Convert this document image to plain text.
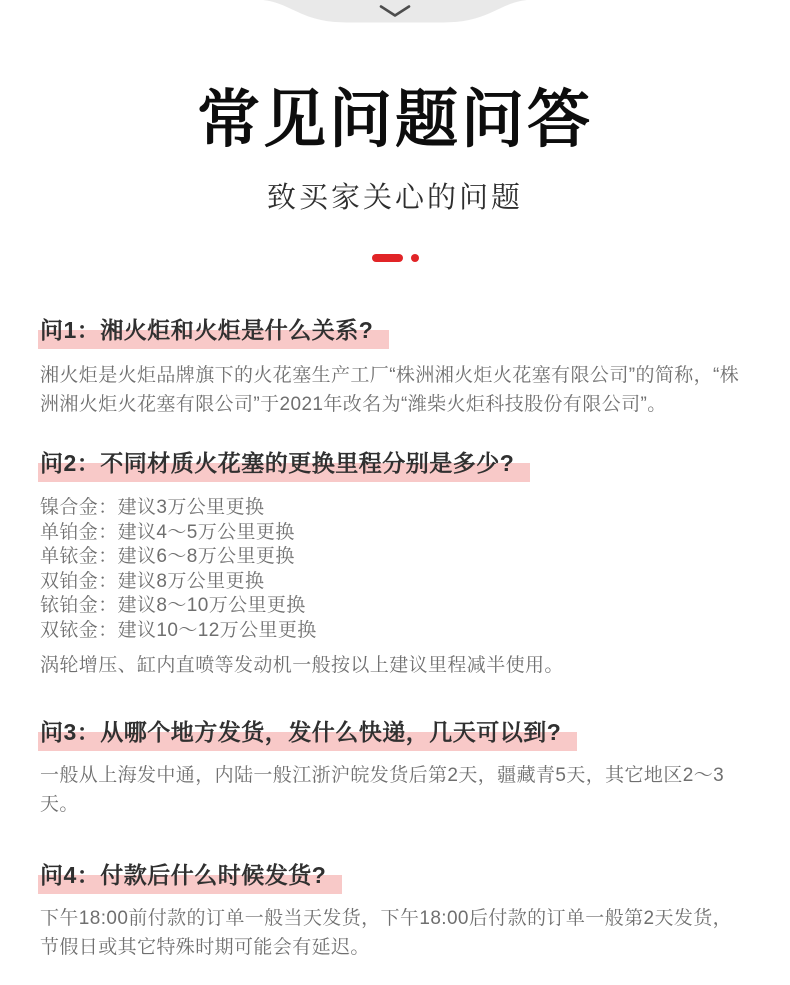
常见问题问答
致买家关心的问题
问1：湘火炬和火炬是什么关系?

湘火炬是火炬品牌旗下的火花塞生产工厂“株洲湘火炬火花塞有限公司”的简称，“株洲湘火炬火花塞有限公司”于2021年改名为“潍柴火炬科技股份有限公司”。

问2：不同材质火花塞的更换里程分别是多少?
镍合金：建议3万公里更换
单铂金：建议4～5万公里更换
单铱金：建议6～8万公里更换
双铂金：建议8万公里更换
铱铂金：建议8～10万公里更换
双铱金：建议10～12万公里更换

涡轮增压、缸内直喷等发动机一般按以上建议里程减半使用。

问3：从哪个地方发货，发什么快递，几天可以到?

一般从上海发中通，内陆一般江浙沪皖发货后第2天，疆藏青5天，其它地区2～3天。

问4：付款后什么时候发货?

下午18:00前付款的订单一般当天发货，下午18:00后付款的订单一般第2天发货，节假日或其它特殊时期可能会有延迟。
